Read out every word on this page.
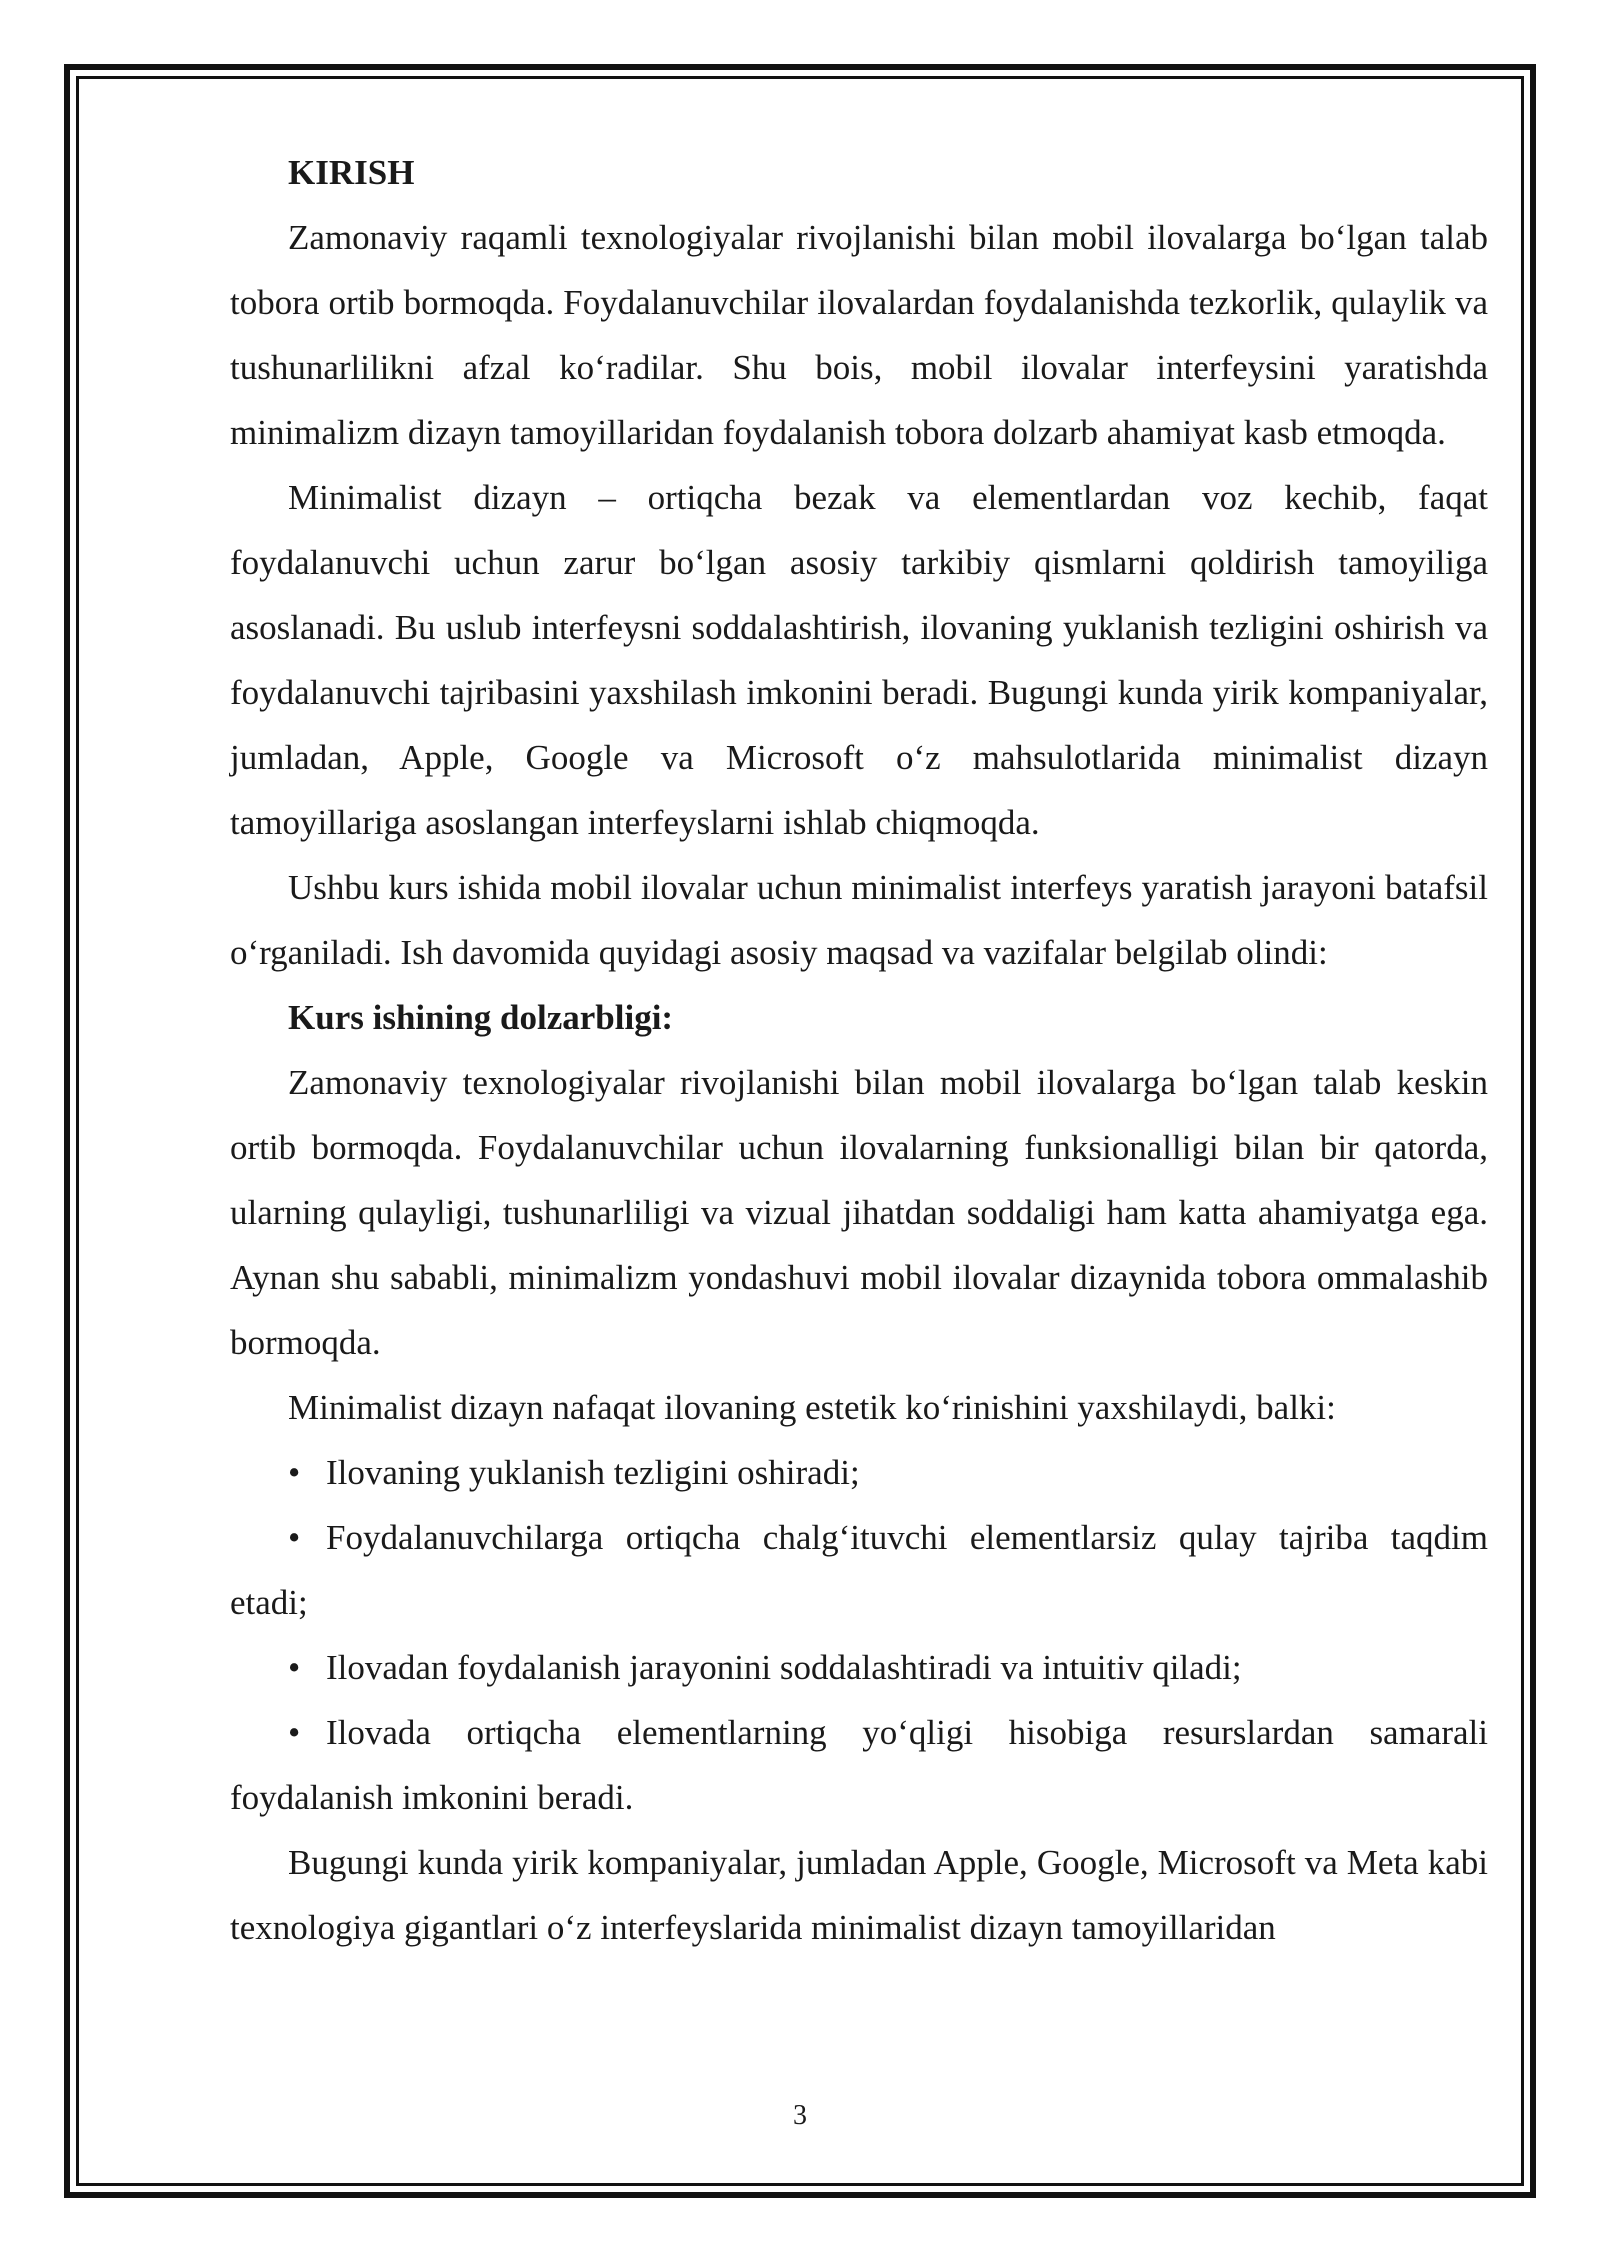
KIRISH

Zamonaviy raqamli texnologiyalar rivojlanishi bilan mobil ilovalarga bo‘lgan talab tobora ortib bormoqda. Foydalanuvchilar ilovalardan foydalanishda tezkorlik, qulaylik va tushunarlilikni afzal ko‘radilar. Shu bois, mobil ilovalar interfeysini yaratishda minimalizm dizayn tamoyillaridan foydalanish tobora dolzarb ahamiyat kasb etmoqda.

Minimalist dizayn – ortiqcha bezak va elementlardan voz kechib, faqat foydalanuvchi uchun zarur bo‘lgan asosiy tarkibiy qismlarni qoldirish tamoyiliga asoslanadi. Bu uslub interfeysni soddalashtirish, ilovaning yuklanish tezligini oshirish va foydalanuvchi tajribasini yaxshilash imkonini beradi. Bugungi kunda yirik kompaniyalar, jumladan, Apple, Google va Microsoft o‘z mahsulotlarida minimalist dizayn tamoyillariga asoslangan interfeyslarni ishlab chiqmoqda.

Ushbu kurs ishida mobil ilovalar uchun minimalist interfeys yaratish jarayoni batafsil o‘rganiladi. Ish davomida quyidagi asosiy maqsad va vazifalar belgilab olindi:

Kurs ishining dolzarbligi:

Zamonaviy texnologiyalar rivojlanishi bilan mobil ilovalarga bo‘lgan talab keskin ortib bormoqda. Foydalanuvchilar uchun ilovalarning funksionalligi bilan bir qatorda, ularning qulayligi, tushunarliligi va vizual jihatdan soddaligi ham katta ahamiyatga ega. Aynan shu sababli, minimalizm yondashuvi mobil ilovalar dizaynida tobora ommalashib bormoqda.

Minimalist dizayn nafaqat ilovaning estetik ko‘rinishini yaxshilaydi, balki:

• Ilovaning yuklanish tezligini oshiradi;

• Foydalanuvchilarga ortiqcha chalg‘ituvchi elementlarsiz qulay tajriba taqdim etadi;

• Ilovadan foydalanish jarayonini soddalashtiradi va intuitiv qiladi;

• Ilovada ortiqcha elementlarning yo‘qligi hisobiga resurslardan samarali foydalanish imkonini beradi.

Bugungi kunda yirik kompaniyalar, jumladan Apple, Google, Microsoft va Meta kabi texnologiya gigantlari o‘z interfeyslarida minimalist dizayn tamoyillaridan

3
